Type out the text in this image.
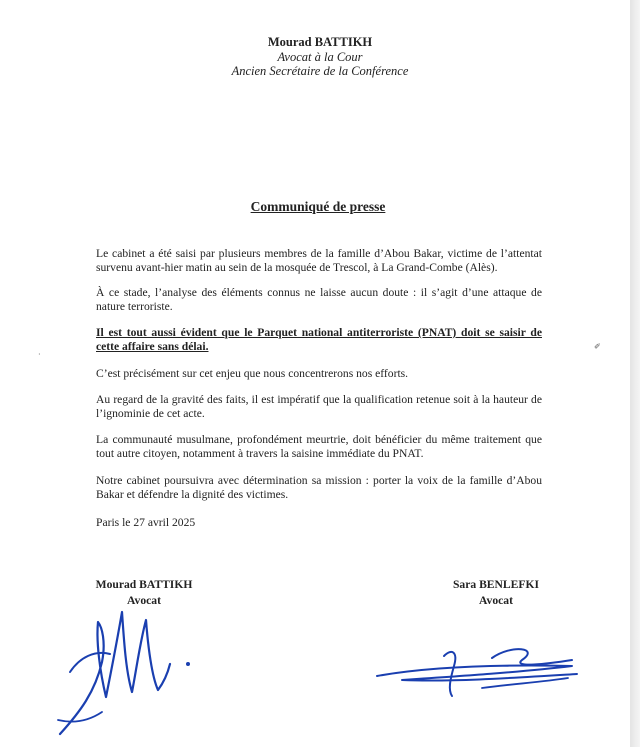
Mourad BATTIKH
Avocat à la Cour
Ancien Secrétaire de la Conférence
Communiqué de presse
Le cabinet a été saisi par plusieurs membres de la famille d’Abou Bakar, victime de l’attentat survenu avant-hier matin au sein de la mosquée de Trescol, à La Grand-Combe (Alès).
À ce stade, l’analyse des éléments connus ne laisse aucun doute : il s’agit d’une attaque de nature terroriste.
Il est tout aussi évident que le Parquet national antiterroriste (PNAT) doit se saisir de cette affaire sans délai.
C’est précisément sur cet enjeu que nous concentrerons nos efforts.
Au regard de la gravité des faits, il est impératif que la qualification retenue soit à la hauteur de l’ignominie de cet acte.
La communauté musulmane, profondément meurtrie, doit bénéficier du même traitement que tout autre citoyen, notamment à travers la saisine immédiate du PNAT.
Notre cabinet poursuivra avec détermination sa mission : porter la voix de la famille d’Abou Bakar et défendre la dignité des victimes.
Paris le 27 avril 2025
Mourad BATTIKH
Avocat
Sara BENLEFKI
Avocat
·
✐
